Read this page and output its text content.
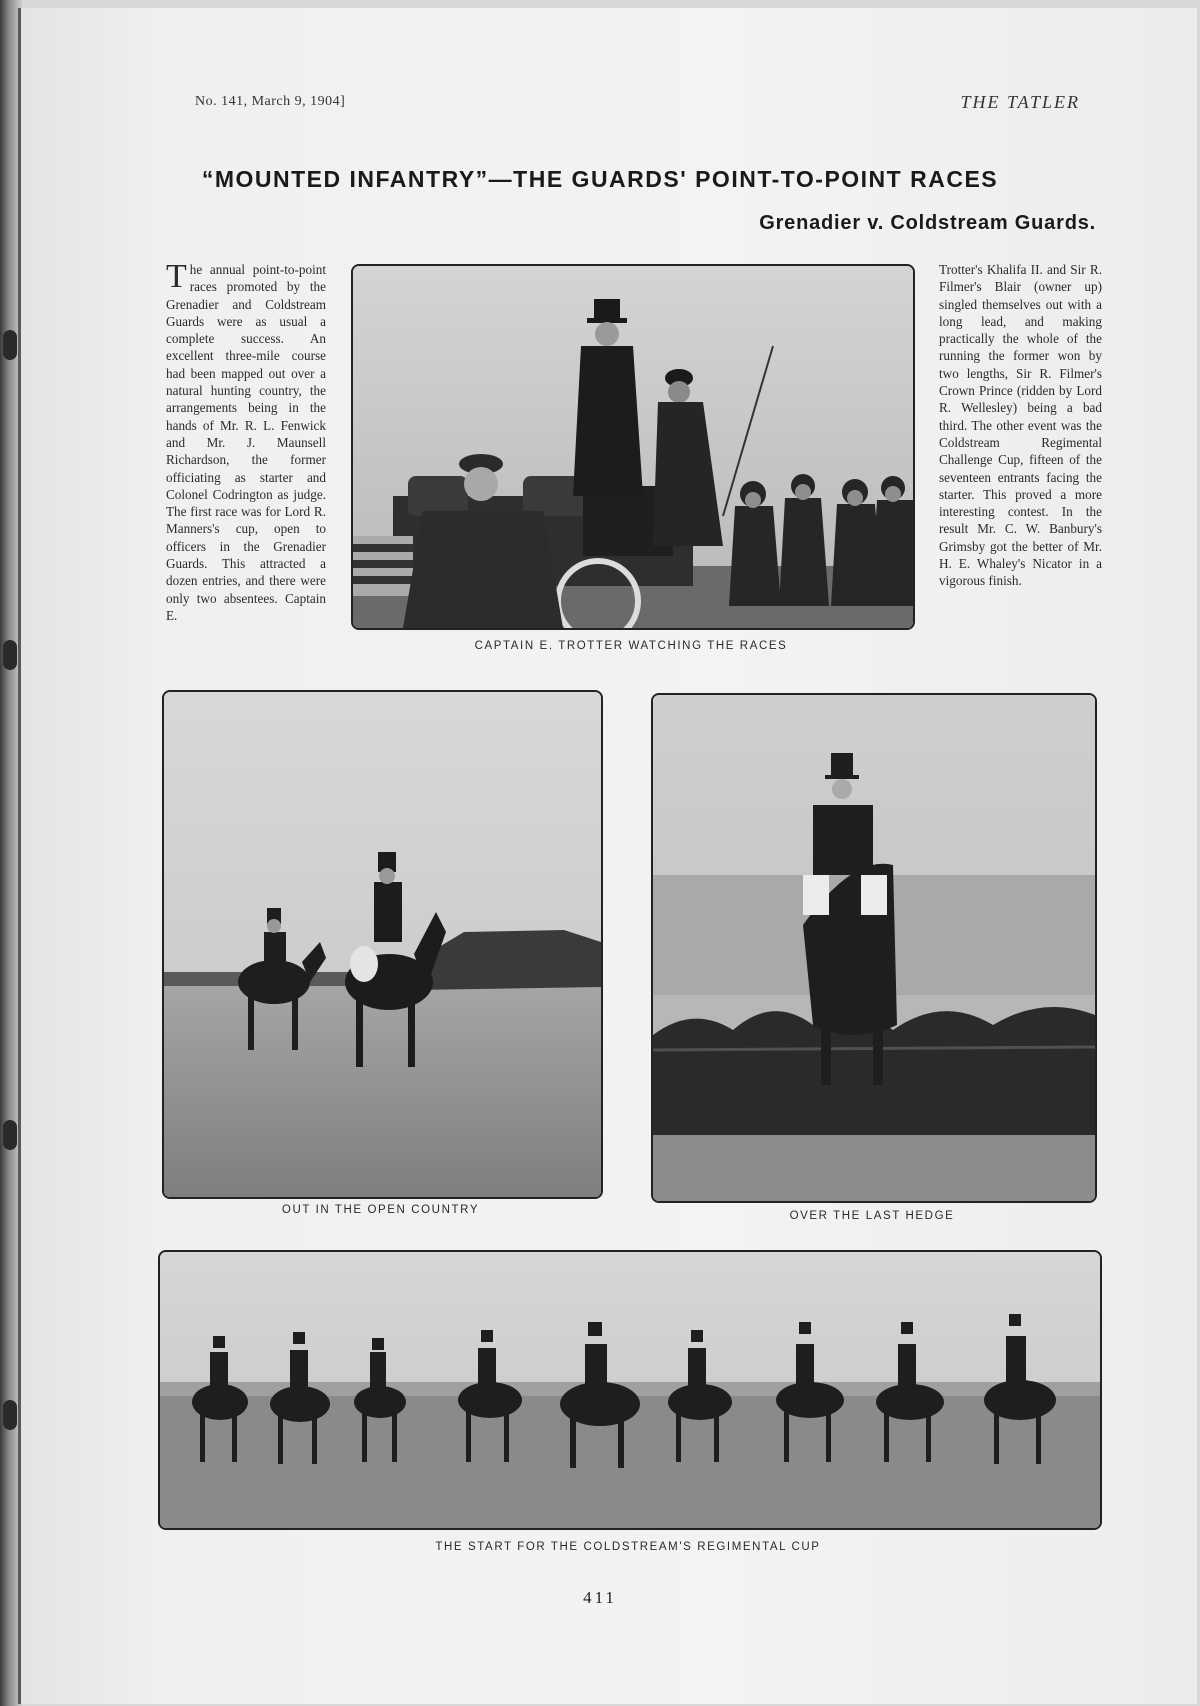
No. 141, March 9, 1904]	THE TATLER
“MOUNTED INFANTRY”—THE GUARDS' POINT-TO-POINT RACES
Grenadier v. Coldstream Guards.
The annual point-to-point races promoted by the Grenadier and Coldstream Guards were as usual a complete success. An excellent three-mile course had been mapped out over a natural hunting country, the arrangements being in the hands of Mr. R. L. Fenwick and Mr. J. Maunsell Richardson, the former officiating as starter and Colonel Codrington as judge. The first race was for Lord R. Manners's cup, open to officers in the Grenadier Guards. This attracted a dozen entries, and there were only two absentees. Captain E.
Trotter's Khalifa II. and Sir R. Filmer's Blair (owner up) singled themselves out with a long lead, and making practically the whole of the running the former won by two lengths, Sir R. Filmer's Crown Prince (ridden by Lord R. Wellesley) being a bad third. The other event was the Coldstream Regimental Challenge Cup, fifteen of the seventeen entrants facing the starter. This proved a more interesting contest. In the result Mr. C. W. Banbury's Grimsby got the better of Mr. H. E. Whaley's Nicator in a vigorous finish.
CAPTAIN E. TROTTER WATCHING THE RACES
OUT IN THE OPEN COUNTRY	OVER THE LAST HEDGE
THE START FOR THE COLDSTREAM'S REGIMENTAL CUP
411
